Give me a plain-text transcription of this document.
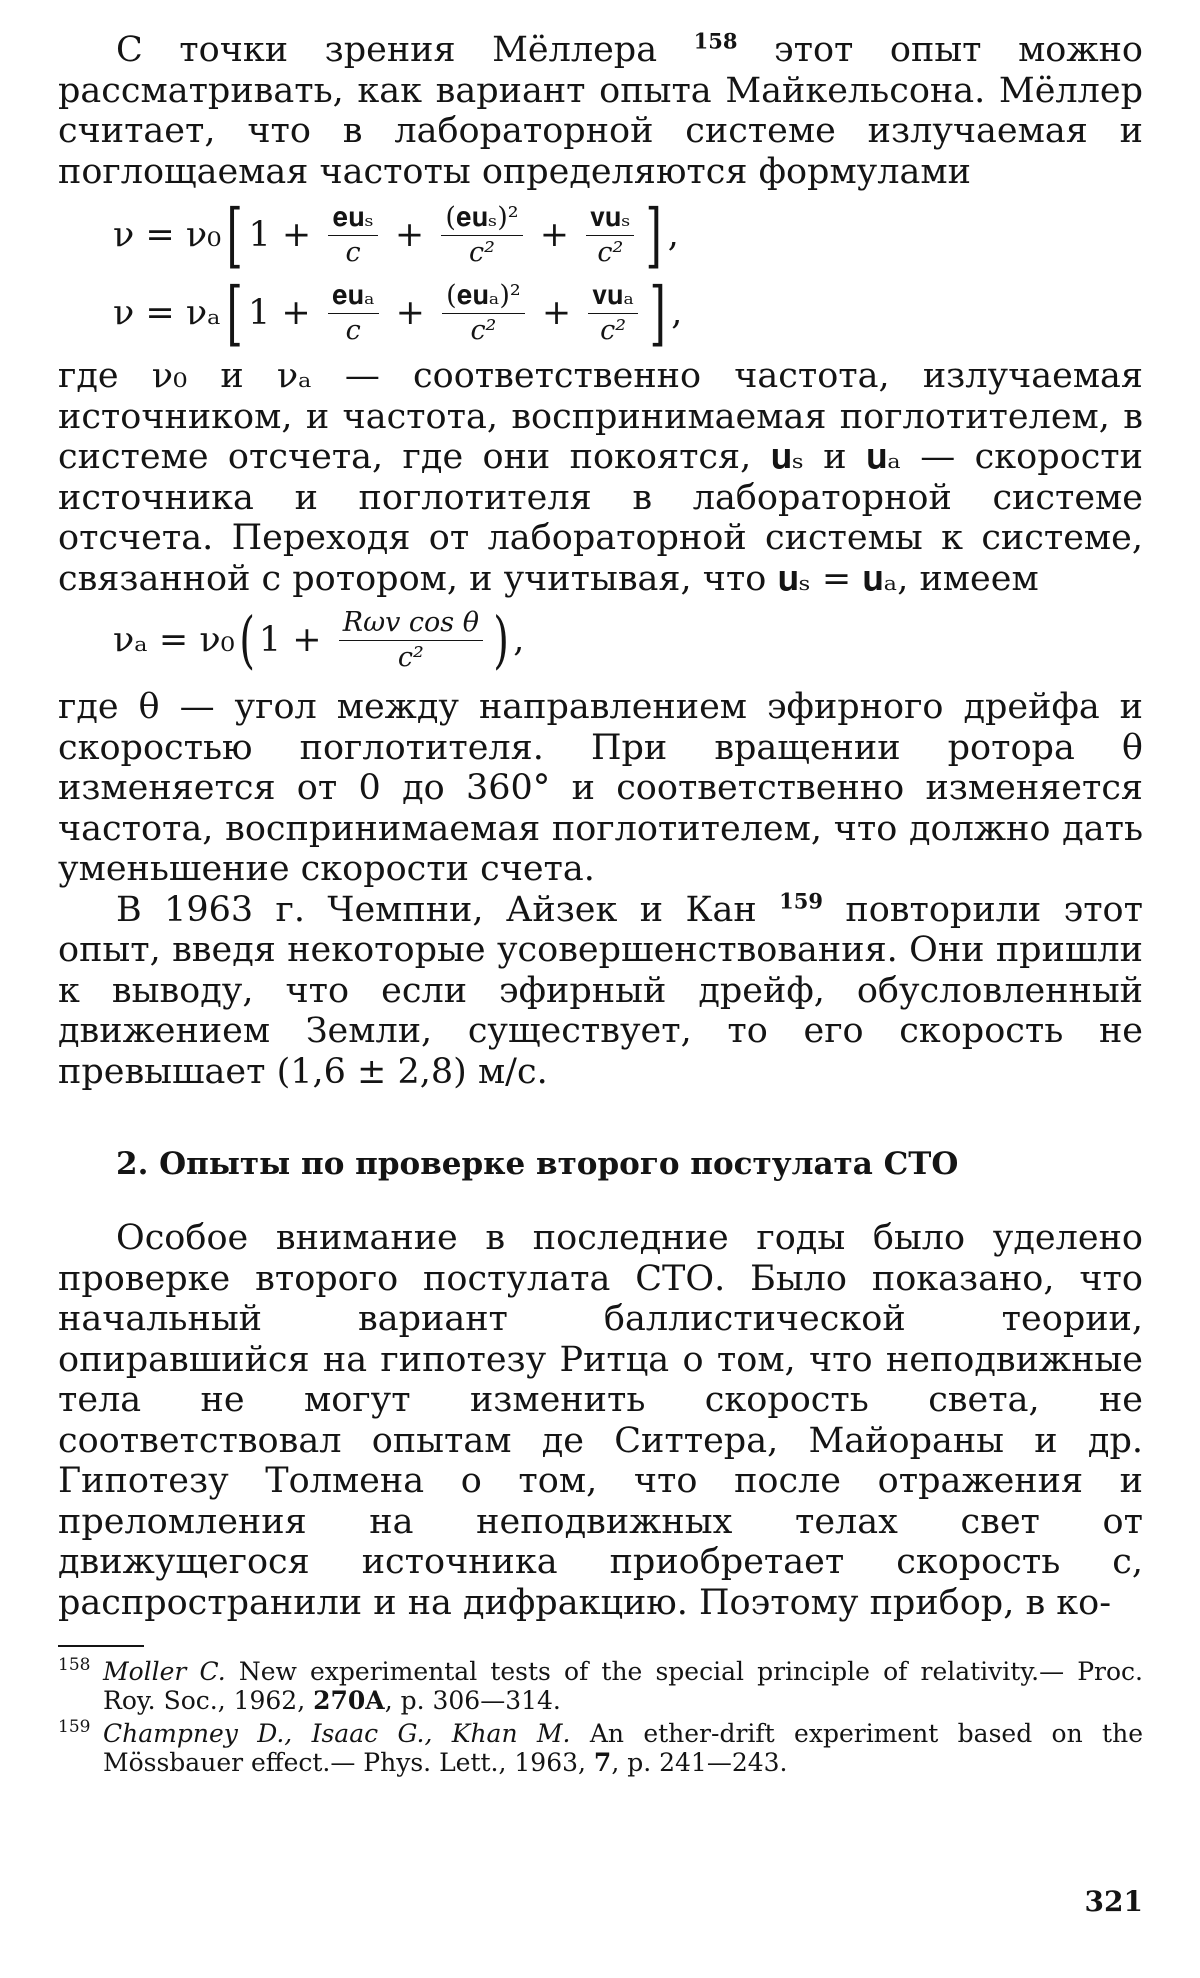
С точки зрения Мёллера $^{158}$ этот опыт можно рассматривать, как вариант опыта Майкельсона. Мёллер считает, что в лабораторной системе излучаемая и поглощаемая частоты определяются формулами

ν = ν₀ [ $1 + \frac{\text{𝐞𝐮ₛ}}{c} + \frac{\text{(𝐞𝐮ₛ)²}}{\text{c²}} + \frac{\text{𝐯𝐮ₛ}}{\text{c²}}$ ] ,
ν = νₐ [ $1 + \frac{\text{𝐞𝐮ₐ}}{c} + \frac{\text{(𝐞𝐮ₐ)²}}{\text{c²}} + \frac{\text{𝐯𝐮ₐ}}{\text{c²}}$ ] ,

где ν₀ и νₐ — соответственно частота, излучаемая источником, и частота, воспринимаемая поглотителем, в системе отсчета, где они покоятся, 𝐮ₛ и 𝐮ₐ — скорости источника и поглотителя в лабораторной системе отсчета. Переходя от лабораторной системы к системе, связанной с ротором, и учитывая, что 𝐮ₛ = 𝐮ₐ, имеем

νₐ = ν₀ ( $1 + \frac{\text{Rωv cos θ}}{\text{c²}}$ ) ,

где θ — угол между направлением эфирного дрейфа и скоростью поглотителя. При вращении ротора θ изменяется от 0 до 360° и соответственно изменяется частота, воспринимаемая поглотителем, что должно дать уменьшение скорости счета.

В 1963 г. Чемпни, Айзек и Кан $^{159}$ повторили этот опыт, введя некоторые усовершенствования. Они пришли к выводу, что если эфирный дрейф, обусловленный движением Земли, существует, то его скорость не превышает (1,6 ± 2,8) м/с.

2. Опыты по проверке второго постулата СТО

Особое внимание в последние годы было уделено проверке второго постулата СТО. Было показано, что начальный вариант баллистической теории, опиравшийся на гипотезу Ритца о том, что неподвижные тела не могут изменить скорость света, не соответствовал опытам де Ситтера, Майораны и др. Гипотезу Толмена о том, что после отражения и преломления на неподвижных телах свет от движущегося источника приобретает скорость c, распространили и на дифракцию. Поэтому прибор, в ко-

158 Moller C. New experimental tests of the special principle of relativity.— Proc. Roy. Soc., 1962, 270A, p. 306—314.

159 Champney D., Isaac G., Khan M. An ether-drift experiment based on the Mössbauer effect.— Phys. Lett., 1963, 7, p. 241—243.

321
